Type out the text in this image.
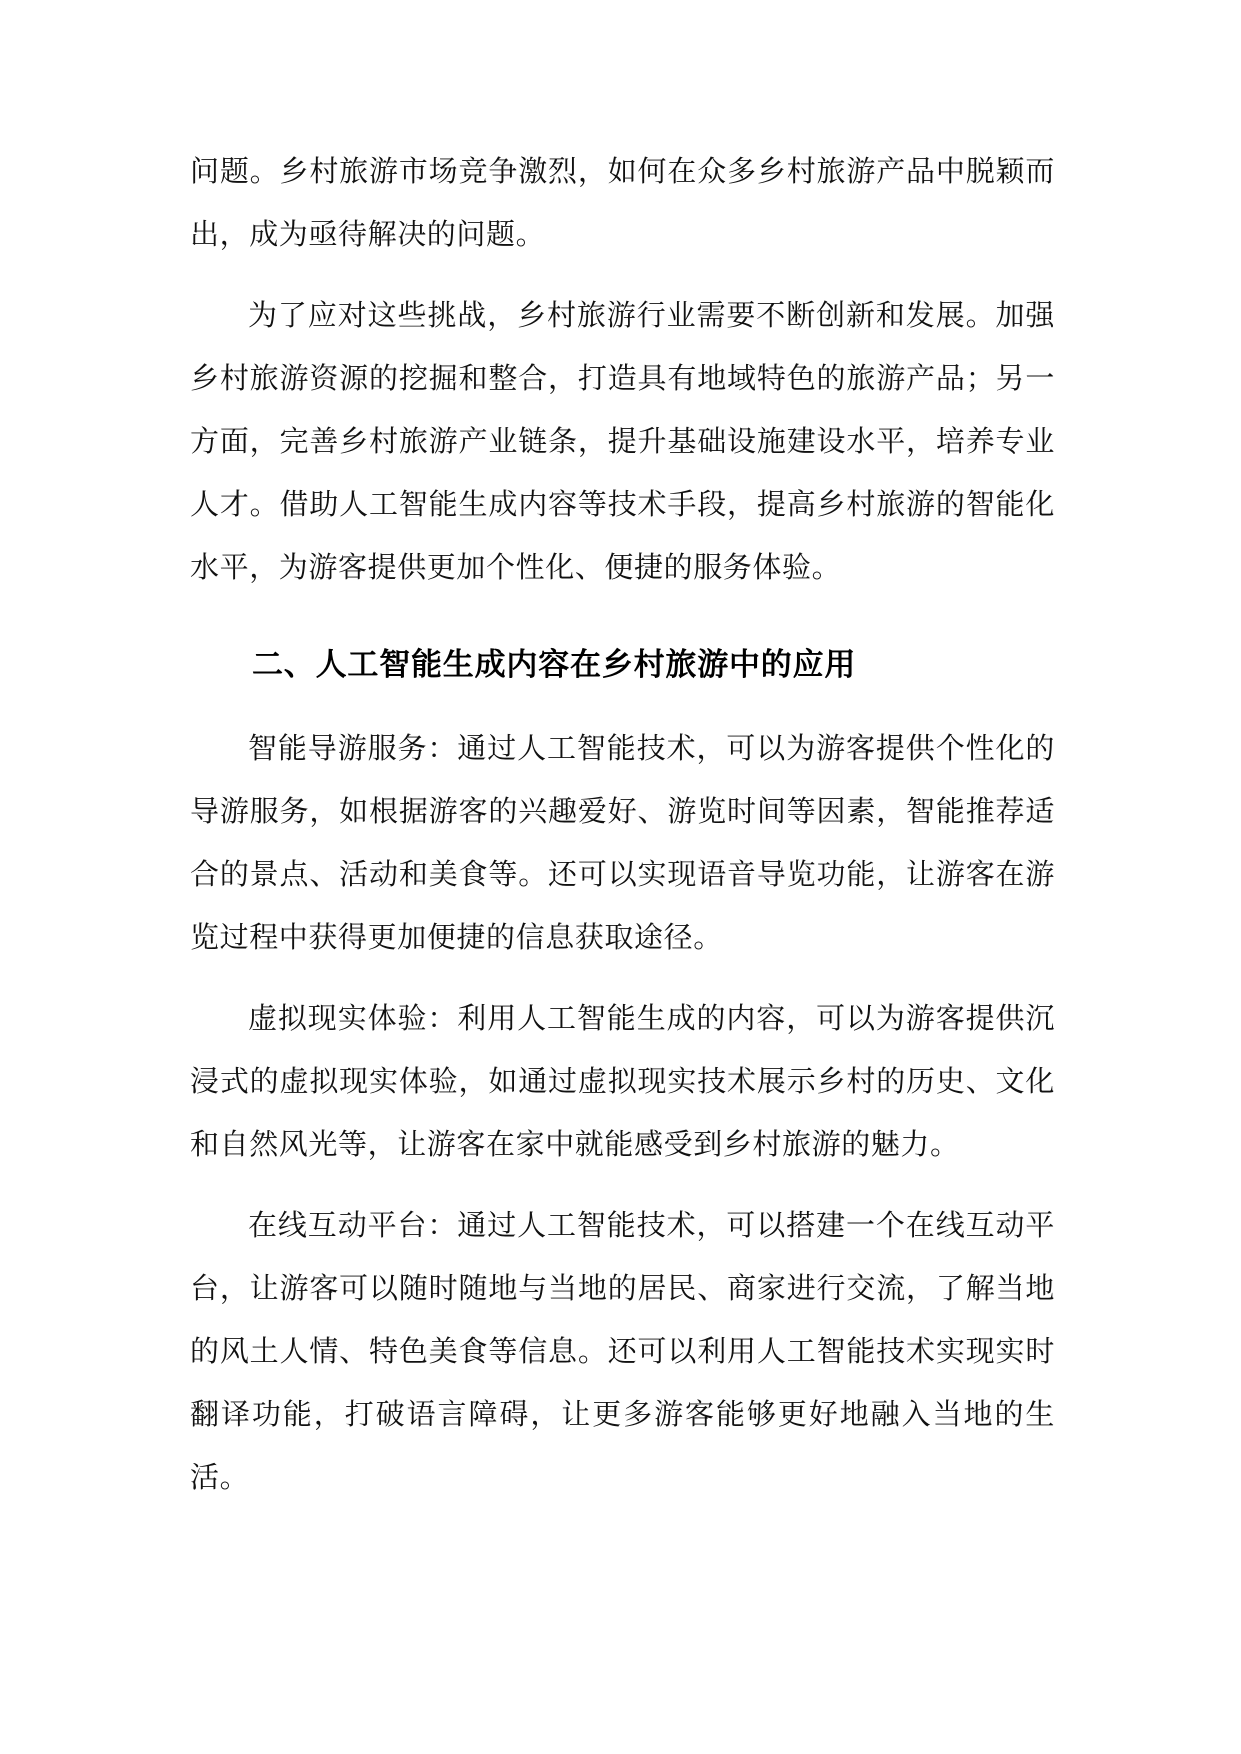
问题。乡村旅游市场竞争激烈，如何在众多乡村旅游产品中脱颖而出，成为亟待解决的问题。

为了应对这些挑战，乡村旅游行业需要不断创新和发展。加强乡村旅游资源的挖掘和整合，打造具有地域特色的旅游产品；另一方面，完善乡村旅游产业链条，提升基础设施建设水平，培养专业人才。借助人工智能生成内容等技术手段，提高乡村旅游的智能化水平，为游客提供更加个性化、便捷的服务体验。

二、人工智能生成内容在乡村旅游中的应用

智能导游服务：通过人工智能技术，可以为游客提供个性化的导游服务，如根据游客的兴趣爱好、游览时间等因素，智能推荐适合的景点、活动和美食等。还可以实现语音导览功能，让游客在游览过程中获得更加便捷的信息获取途径。

虚拟现实体验：利用人工智能生成的内容，可以为游客提供沉浸式的虚拟现实体验，如通过虚拟现实技术展示乡村的历史、文化和自然风光等，让游客在家中就能感受到乡村旅游的魅力。

在线互动平台：通过人工智能技术，可以搭建一个在线互动平台，让游客可以随时随地与当地的居民、商家进行交流，了解当地的风土人情、特色美食等信息。还可以利用人工智能技术实现实时翻译功能，打破语言障碍，让更多游客能够更好地融入当地的生活。
